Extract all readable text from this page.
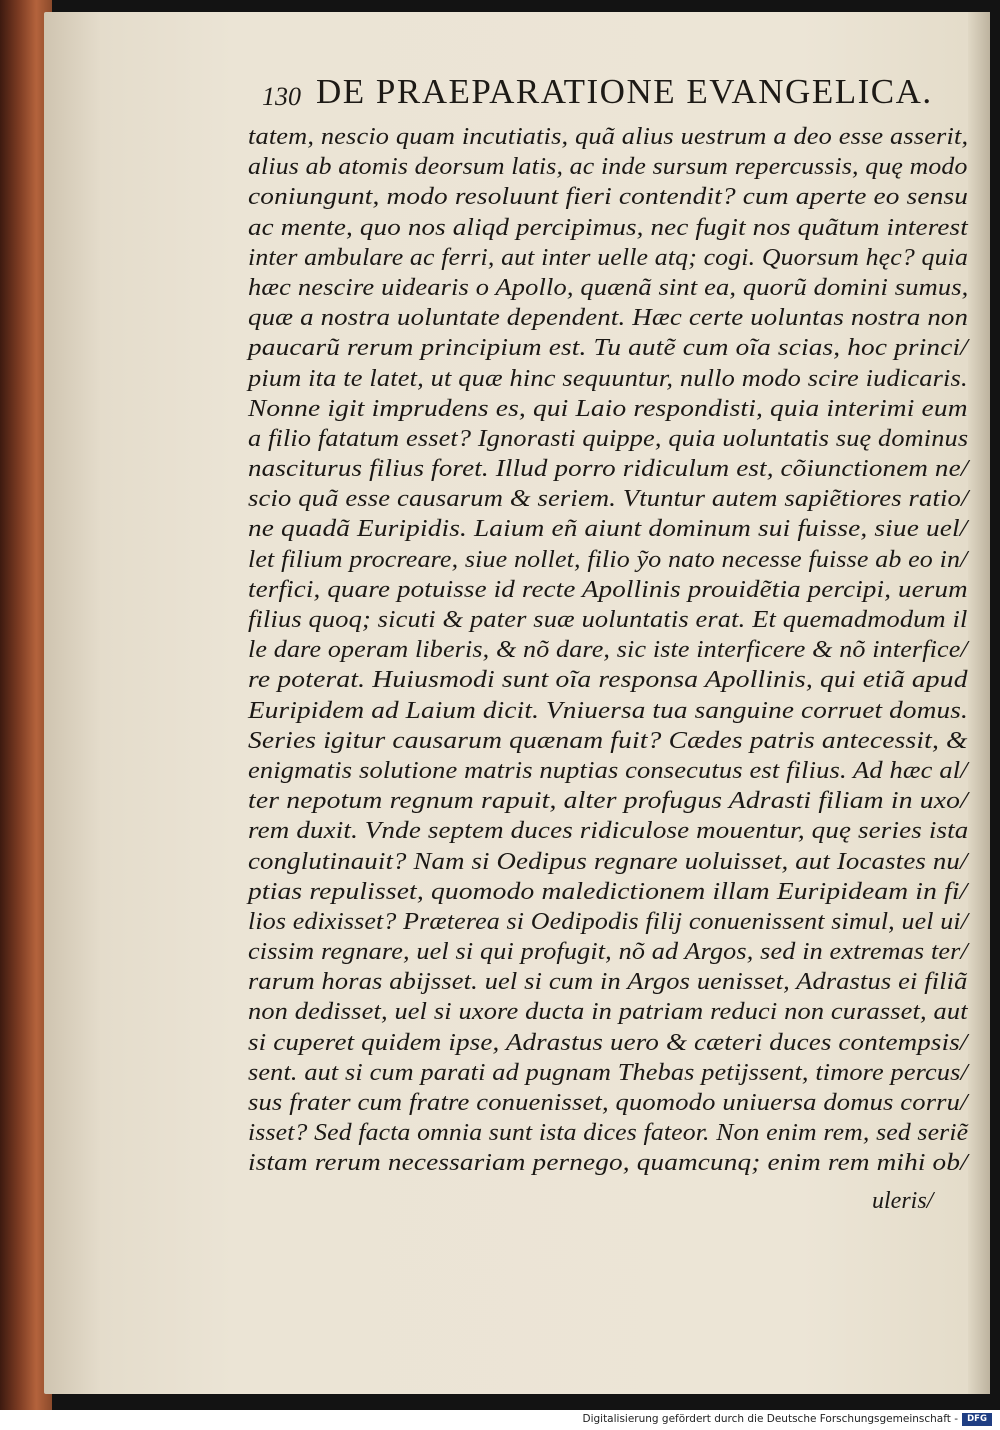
130 DE PRAEPARATIONE EVANGELICA.
tatem, nescio quam incutiatis, quã alius uestrum a deo esse asserit,
alius ab atomis deorsum latis, ac inde sursum repercussis, quę modo
coniungunt, modo resoluunt fieri contendit? cum aperte eo sensu
ac mente, quo nos aliqd percipimus, nec fugit nos quãtum interest
inter ambulare ac ferri, aut inter uelle atq; cogi. Quorsum hęc? quia
hæc nescire uidearis o Apollo, quænã sint ea, quorũ domini sumus,
quæ a nostra uoluntate dependent. Hæc certe uoluntas nostra non
paucarũ rerum principium est. Tu autẽ cum oĩa scias, hoc princi/
pium ita te latet, ut quæ hinc sequuntur, nullo modo scire iudicaris.
Nonne igit imprudens es, qui Laio respondisti, quia interimi eum
a filio fatatum esset? Ignorasti quippe, quia uoluntatis suę dominus
nasciturus filius foret. Illud porro ridiculum est, cõiunctionem ne/
scio quã esse causarum & seriem. Vtuntur autem sapiẽtiores ratio/
ne quadã Euripidis. Laium eñ aiunt dominum sui fuisse, siue uel/
let filium procreare, siue nollet, filio ỹo nato necesse fuisse ab eo in/
terfici, quare potuisse id recte Apollinis prouidẽtia percipi, uerum
filius quoq; sicuti & pater suæ uoluntatis erat. Et quemadmodum il
le dare operam liberis, & nõ dare, sic iste interficere & nõ interfice/
re poterat. Huiusmodi sunt oĩa responsa Apollinis, qui etiã apud
Euripidem ad Laium dicit. Vniuersa tua sanguine corruet domus.
Series igitur causarum quænam fuit? Cædes patris antecessit, &
enigmatis solutione matris nuptias consecutus est filius. Ad hæc al/
ter nepotum regnum rapuit, alter profugus Adrasti filiam in uxo/
rem duxit. Vnde septem duces ridiculose mouentur, quę series ista
conglutinauit? Nam si Oedipus regnare uoluisset, aut Iocastes nu/
ptias repulisset, quomodo maledictionem illam Euripideam in fi/
lios edixisset? Præterea si Oedipodis filij conuenissent simul, uel ui/
cissim regnare, uel si qui profugit, nõ ad Argos, sed in extremas ter/
rarum horas abijsset. uel si cum in Argos uenisset, Adrastus ei filiã
non dedisset, uel si uxore ducta in patriam reduci non curasset, aut
si cuperet quidem ipse, Adrastus uero & cæteri duces contempsis/
sent. aut si cum parati ad pugnam Thebas petijssent, timore percus/
sus frater cum fratre conuenisset, quomodo uniuersa domus corru/
isset? Sed facta omnia sunt ista dices fateor. Non enim rem, sed seriẽ
istam rerum necessariam pernego, quamcunq; enim rem mihi ob/
uleris/
Digitalisierung gefördert durch die Deutsche Forschungsgemeinschaft -	DFG
